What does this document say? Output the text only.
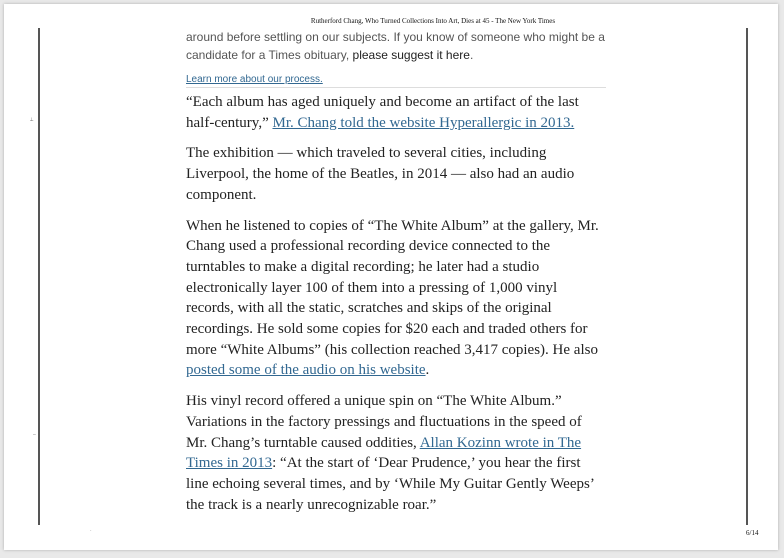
Rutherford Chang, Who Turned Collections Into Art, Dies at 45 - The New York Times
⟂
–
·

around before settling on our subjects. If you know of someone who might be a candidate for a Times obituary, please suggest it here.

Learn more about our process.

“Each album has aged uniquely and become an artifact of the last half-century,” Mr. Chang told the website Hyperallergic in 2013.

The exhibition — which traveled to several cities, including Liverpool, the home of the Beatles, in 2014 — also had an audio component.

When he listened to copies of “The White Album” at the gallery, Mr. Chang used a professional recording device connected to the turntables to make a digital recording; he later had a studio electronically layer 100 of them into a pressing of 1,000 vinyl records, with all the static, scratches and skips of the original recordings. He sold some copies for $20 each and traded others for more “White Albums” (his collection reached 3,417 copies). He also posted some of the audio on his website.

His vinyl record offered a unique spin on “The White Album.” Variations in the factory pressings and fluctuations in the speed of Mr. Chang’s turntable caused oddities, Allan Kozinn wrote in The Times in 2013: “At the start of ‘Dear Prudence,’ you hear the first line echoing several times, and by ‘While My Guitar Gently Weeps’ the track is a nearly unrecognizable roar.”

6/14
